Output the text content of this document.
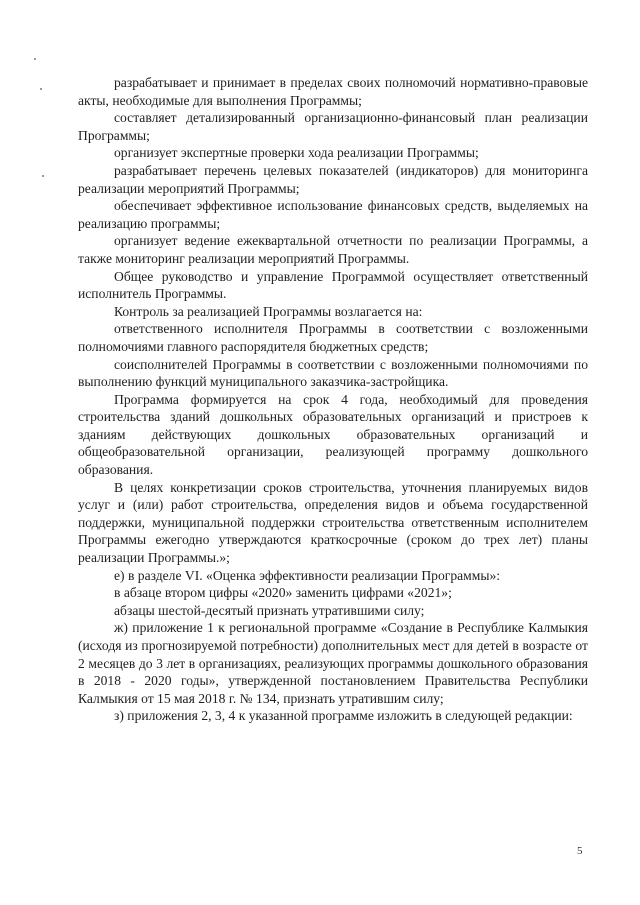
разрабатывает и принимает в пределах своих полномочий нормативно-правовые акты, необходимые для выполнения Программы;

составляет детализированный организационно-финансовый план реализации Программы;

организует экспертные проверки хода реализации Программы;

разрабатывает перечень целевых показателей (индикаторов) для мониторинга реализации мероприятий Программы;

обеспечивает эффективное использование финансовых средств, выделяемых на реализацию программы;

организует ведение ежеквартальной отчетности по реализации Программы, а также мониторинг реализации мероприятий Программы.

Общее руководство и управление Программой осуществляет ответственный исполнитель Программы.

Контроль за реализацией Программы возлагается на:

ответственного исполнителя Программы в соответствии с возложенными полномочиями главного распорядителя бюджетных средств;

соисполнителей Программы в соответствии с возложенными полномочиями по выполнению функций муниципального заказчика-застройщика.

Программа формируется на срок 4 года, необходимый для проведения строительства зданий дошкольных образовательных организаций и пристроев к зданиям действующих дошкольных образовательных организаций и общеобразовательной организации, реализующей программу дошкольного образования.

В целях конкретизации сроков строительства, уточнения планируемых видов услуг и (или) работ строительства, определения видов и объема государственной поддержки, муниципальной поддержки строительства ответственным исполнителем Программы ежегодно утверждаются краткосрочные (сроком до трех лет) планы реализации Программы.»;

е) в разделе VI. «Оценка эффективности реализации Программы»:

в абзаце втором цифры «2020» заменить цифрами «2021»;

абзацы шестой-десятый признать утратившими силу;

ж) приложение 1 к региональной программе «Создание в Республике Калмыкия (исходя из прогнозируемой потребности) дополнительных мест для детей в возрасте от 2 месяцев до 3 лет в организациях, реализующих программы дошкольного образования в 2018 - 2020 годы», утвержденной постановлением Правительства Республики Калмыкия от 15 мая 2018 г. № 134, признать утратившим силу;

з) приложения 2, 3, 4 к указанной программе изложить в следующей редакции:

5
